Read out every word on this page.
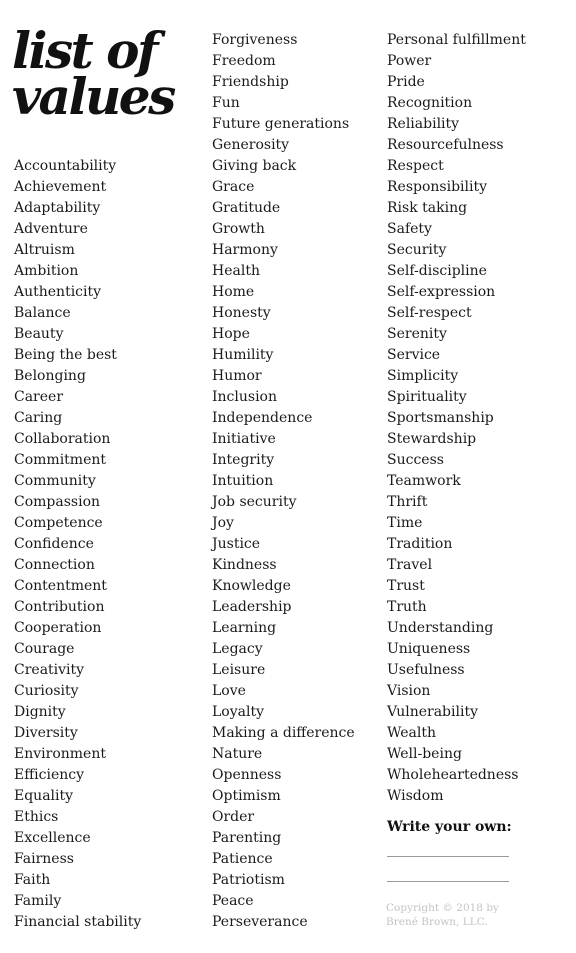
list of
values
Accountability
Achievement
Adaptability
Adventure
Altruism
Ambition
Authenticity
Balance
Beauty
Being the best
Belonging
Career
Caring
Collaboration
Commitment
Community
Compassion
Competence
Confidence
Connection
Contentment
Contribution
Cooperation
Courage
Creativity
Curiosity
Dignity
Diversity
Environment
Efficiency
Equality
Ethics
Excellence
Fairness
Faith
Family
Financial stability
Forgiveness
Freedom
Friendship
Fun
Future generations
Generosity
Giving back
Grace
Gratitude
Growth
Harmony
Health
Home
Honesty
Hope
Humility
Humor
Inclusion
Independence
Initiative
Integrity
Intuition
Job security
Joy
Justice
Kindness
Knowledge
Leadership
Learning
Legacy
Leisure
Love
Loyalty
Making a difference
Nature
Openness
Optimism
Order
Parenting
Patience
Patriotism
Peace
Perseverance
Personal fulfillment
Power
Pride
Recognition
Reliability
Resourcefulness
Respect
Responsibility
Risk taking
Safety
Security
Self-discipline
Self-expression
Self-respect
Serenity
Service
Simplicity
Spirituality
Sportsmanship
Stewardship
Success
Teamwork
Thrift
Time
Tradition
Travel
Trust
Truth
Understanding
Uniqueness
Usefulness
Vision
Vulnerability
Wealth
Well-being
Wholeheartedness
Wisdom
Write your own:
Copyright © 2018 by
Brené Brown, LLC.
